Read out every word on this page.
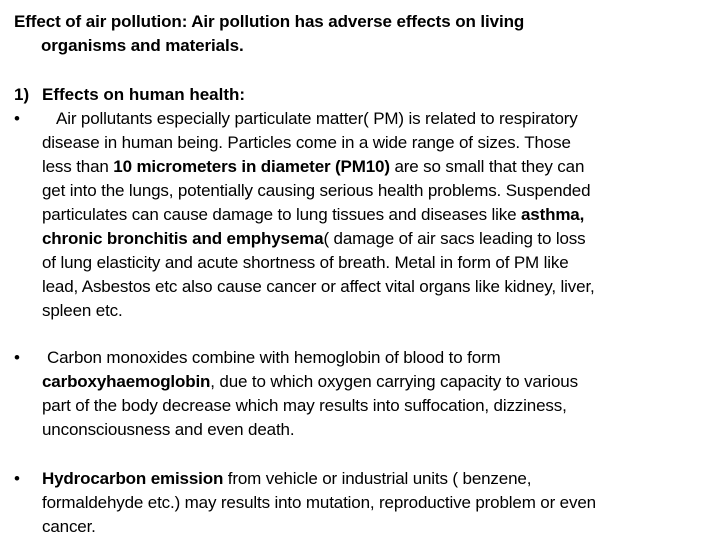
Effect of air pollution: Air pollution has adverse effects on living
organisms and materials.
1) Effects on human health:
•	Air pollutants especially particulate matter( PM) is related to respiratory
disease in human being. Particles come in a wide range of sizes. Those
less than 10 micrometers in diameter (PM10) are so small that they can
get into the lungs, potentially causing serious health problems. Suspended
particulates can cause damage to lung tissues and diseases like asthma,
chronic bronchitis and emphysema( damage of air sacs leading to loss
of lung elasticity and acute shortness of breath. Metal in form of PM like
lead, Asbestos etc also cause cancer or affect vital organs like kidney, liver,
spleen etc.
•	Carbon monoxides combine with hemoglobin of blood to form
carboxyhaemoglobin, due to which oxygen carrying capacity to various
part of the body decrease which may results into suffocation, dizziness,
unconsciousness and even death.
•	Hydrocarbon emission from vehicle or industrial units ( benzene,
formaldehyde etc.) may results into mutation, reproductive problem or even
cancer.
